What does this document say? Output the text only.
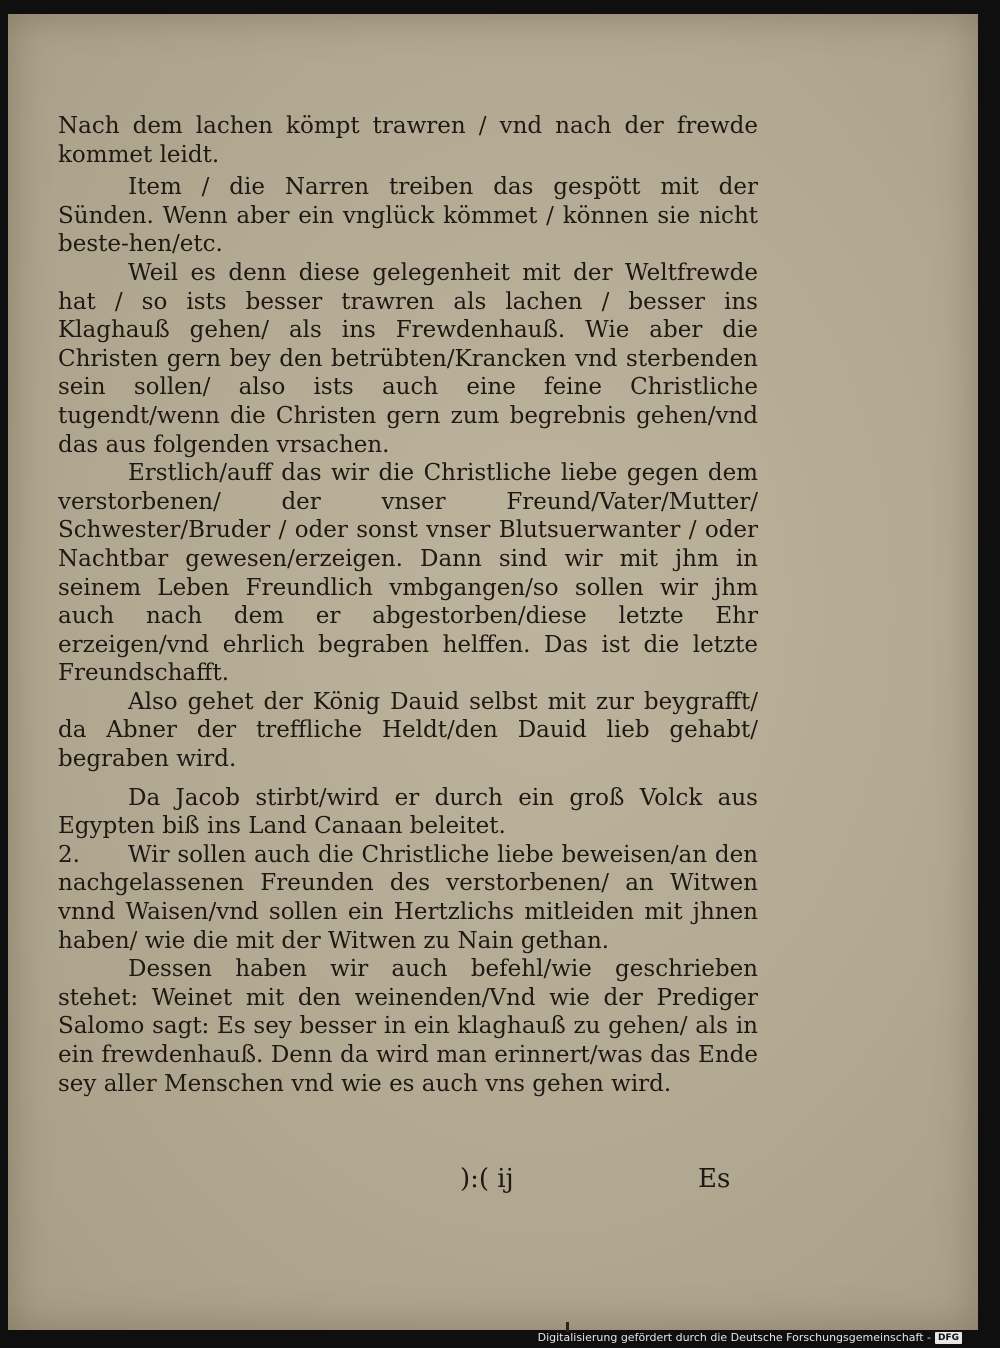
Nach dem lachen kömpt trawren / vnd nach der frewde kommet leidt.

Item / die Narren treiben das gespött mit der Sünden. Wenn aber ein vnglück kömmet / können sie nicht beste-hen/etc.

Weil es denn diese gelegenheit mit der Weltfrewde hat / so ists besser trawren als lachen / besser ins Klaghauß gehen/ als ins Frewdenhauß. Wie aber die Christen gern bey den betrübten/Krancken vnd sterbenden sein sollen/ also ists auch eine feine Christliche tugendt/wenn die Christen gern zum begrebnis gehen/vnd das aus folgenden vrsachen.

Erstlich/auff das wir die Christliche liebe gegen dem verstorbenen/ der vnser Freund/Vater/Mutter/ Schwester/Bruder / oder sonst vnser Blutsuerwanter / oder Nachtbar gewesen/erzeigen. Dann sind wir mit jhm in seinem Leben Freundlich vmbgangen/so sollen wir jhm auch nach dem er abgestorben/diese letzte Ehr erzeigen/vnd ehrlich begraben helffen. Das ist die letzte Freundschafft.

Also gehet der König Dauid selbst mit zur beygrafft/ da Abner der treffliche Heldt/den Dauid lieb gehabt/ begraben wird.

Da Jacob stirbt/wird er durch ein groß Volck aus Egypten biß ins Land Canaan beleitet.

2. Wir sollen auch die Christliche liebe beweisen/an den nachgelassenen Freunden des verstorbenen/ an Witwen vnnd Waisen/vnd sollen ein Hertzlichs mitleiden mit jhnen haben/ wie die mit der Witwen zu Nain gethan.

Dessen haben wir auch befehl/wie geschrieben stehet: Weinet mit den weinenden/Vnd wie der Prediger Salomo sagt: Es sey besser in ein klaghauß zu gehen/ als in ein frewdenhauß. Denn da wird man erinnert/was das Ende sey aller Menschen vnd wie es auch vns gehen wird.

):( ij	Es
Digitalisierung gefördert durch die Deutsche Forschungsgemeinschaft - DFG
